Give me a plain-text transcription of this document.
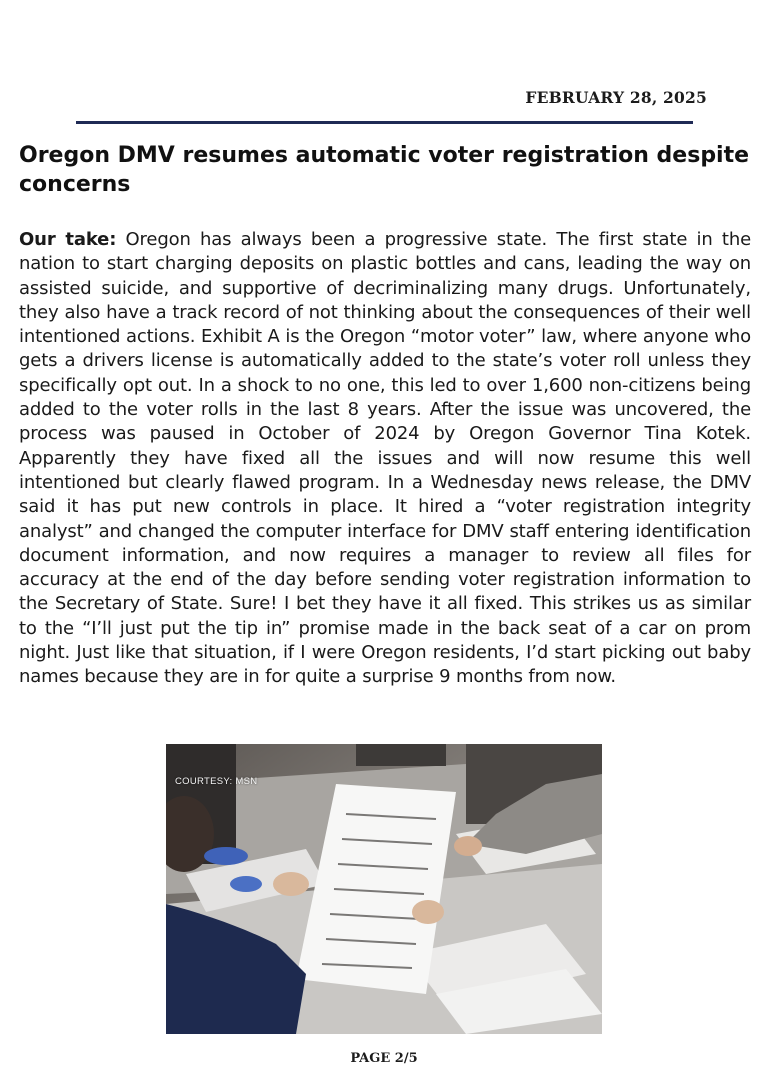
FEBRUARY 28, 2025
Oregon DMV resumes automatic voter registration despite concerns

Our take: Oregon has always been a progressive state. The first state in the nation to start charging deposits on plastic bottles and cans, leading the way on assisted suicide, and supportive of decriminalizing many drugs. Unfortunately, they also have a track record of not thinking about the consequences of their well intentioned actions. Exhibit A is the Oregon “motor voter” law, where anyone who gets a drivers license is automatically added to the state’s voter roll unless they specifically opt out. In a shock to no one, this led to over 1,600 non-citizens being added to the voter rolls in the last 8 years. After the issue was uncovered, the process was paused in October of 2024 by Oregon Governor Tina Kotek. Apparently they have fixed all the issues and will now resume this well intentioned but clearly flawed program. In a Wednesday news release, the DMV said it has put new controls in place. It hired a “voter registration integrity analyst” and changed the computer interface for DMV staff entering identification document information, and now requires a manager to review all files for accuracy at the end of the day before sending voter registration information to the Secretary of State. Sure! I bet they have it all fixed. This strikes us as similar to the “I’ll just put the tip in” promise made in the back seat of a car on prom night. Just like that situation, if I were Oregon residents, I’d start picking out baby names because they are in for quite a surprise 9 months from now.

COURTESY: MSN
PAGE 2/5
